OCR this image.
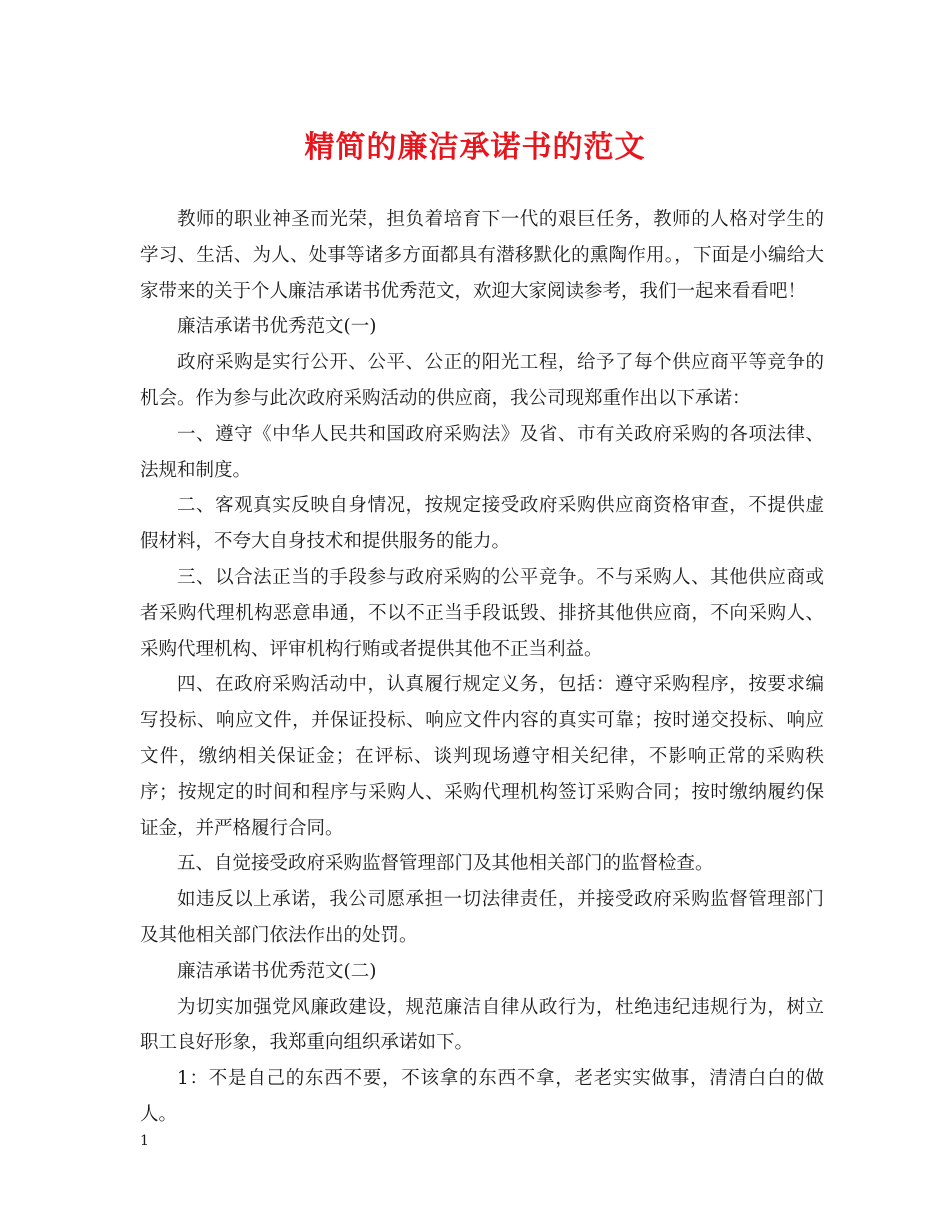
精简的廉洁承诺书的范文

教师的职业神圣而光荣，担负着培育下一代的艰巨任务，教师的人格对学生的学习、生活、为人、处事等诸多方面都具有潜移默化的熏陶作用。，下面是小编给大家带来的关于个人廉洁承诺书优秀范文，欢迎大家阅读参考，我们一起来看看吧！

廉洁承诺书优秀范文(一)

政府采购是实行公开、公平、公正的阳光工程，给予了每个供应商平等竞争的机会。作为参与此次政府采购活动的供应商，我公司现郑重作出以下承诺：

一、遵守《中华人民共和国政府采购法》及省、市有关政府采购的各项法律、法规和制度。

二、客观真实反映自身情况，按规定接受政府采购供应商资格审查，不提供虚假材料，不夸大自身技术和提供服务的能力。

三、以合法正当的手段参与政府采购的公平竞争。不与采购人、其他供应商或者采购代理机构恶意串通，不以不正当手段诋毁、排挤其他供应商，不向采购人、采购代理机构、评审机构行贿或者提供其他不正当利益。

四、在政府采购活动中，认真履行规定义务，包括：遵守采购程序，按要求编写投标、响应文件，并保证投标、响应文件内容的真实可靠；按时递交投标、响应文件，缴纳相关保证金；在评标、谈判现场遵守相关纪律，不影响正常的采购秩序；按规定的时间和程序与采购人、采购代理机构签订采购合同；按时缴纳履约保证金，并严格履行合同。

五、自觉接受政府采购监督管理部门及其他相关部门的监督检查。

如违反以上承诺，我公司愿承担一切法律责任，并接受政府采购监督管理部门及其他相关部门依法作出的处罚。

廉洁承诺书优秀范文(二)

为切实加强党风廉政建设，规范廉洁自律从政行为，杜绝违纪违规行为，树立职工良好形象，我郑重向组织承诺如下。

1：不是自己的东西不要，不该拿的东西不拿，老老实实做事，清清白白的做人。

1
